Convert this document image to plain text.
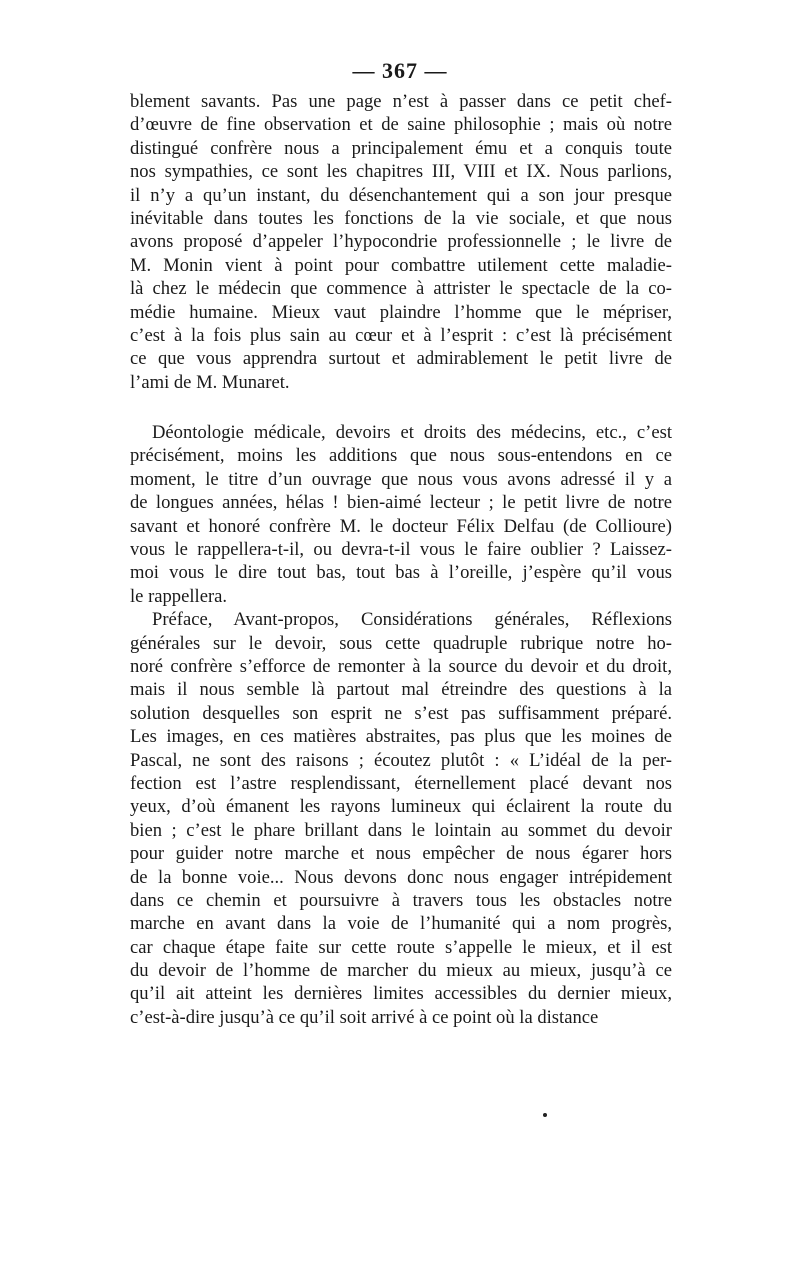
— 367 —

blement savants. Pas une page n’est à passer dans ce petit chef-
d’œuvre de fine observation et de saine philosophie ; mais où notre
distingué confrère nous a principalement ému et a conquis toute
nos sympathies, ce sont les chapitres III, VIII et IX. Nous parlions,
il n’y a qu’un instant, du désenchantement qui a son jour presque
inévitable dans toutes les fonctions de la vie sociale, et que nous
avons proposé d’appeler l’hypocondrie professionnelle ; le livre de
M. Monin vient à point pour combattre utilement cette maladie-
là chez le médecin que commence à attrister le spectacle de la co-
médie humaine. Mieux vaut plaindre l’homme que le mépriser,
c’est à la fois plus sain au cœur et à l’esprit : c’est là précisément
ce que vous apprendra surtout et admirablement le petit livre de
l’ami de M. Munaret.

Déontologie médicale, devoirs et droits des médecins, etc., c’est
précisément, moins les additions que nous sous-entendons en ce
moment, le titre d’un ouvrage que nous vous avons adressé il y a
de longues années, hélas ! bien-aimé lecteur ; le petit livre de notre
savant et honoré confrère M. le docteur Félix Delfau (de Collioure)
vous le rappellera-t-il, ou devra-t-il vous le faire oublier ? Laissez-
moi vous le dire tout bas, tout bas à l’oreille, j’espère qu’il vous
le rappellera.

Préface, Avant-propos, Considérations générales, Réflexions
générales sur le devoir, sous cette quadruple rubrique notre ho-
noré confrère s’efforce de remonter à la source du devoir et du droit,
mais il nous semble là partout mal étreindre des questions à la
solution desquelles son esprit ne s’est pas suffisamment préparé.
Les images, en ces matières abstraites, pas plus que les moines de
Pascal, ne sont des raisons ; écoutez plutôt : « L’idéal de la per-
fection est l’astre resplendissant, éternellement placé devant nos
yeux, d’où émanent les rayons lumineux qui éclairent la route du
bien ; c’est le phare brillant dans le lointain au sommet du devoir
pour guider notre marche et nous empêcher de nous égarer hors
de la bonne voie... Nous devons donc nous engager intrépidement
dans ce chemin et poursuivre à travers tous les obstacles notre
marche en avant dans la voie de l’humanité qui a nom progrès,
car chaque étape faite sur cette route s’appelle le mieux, et il est
du devoir de l’homme de marcher du mieux au mieux, jusqu’à ce
qu’il ait atteint les dernières limites accessibles du dernier mieux,
c’est-à-dire jusqu’à ce qu’il soit arrivé à ce point où la distance
